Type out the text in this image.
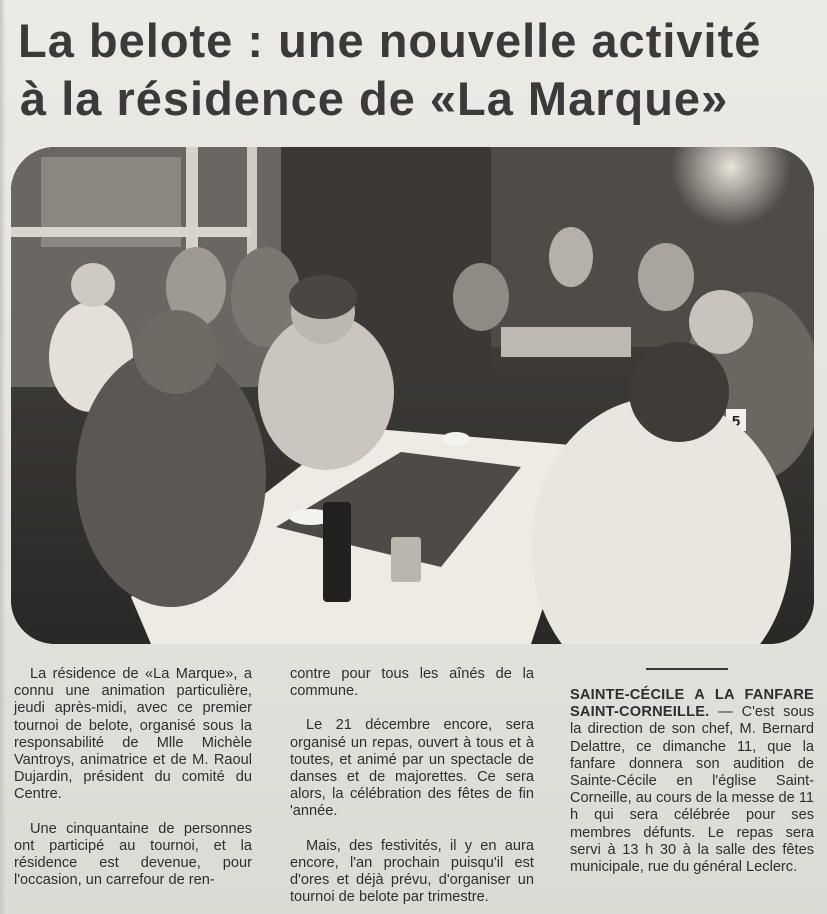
La belote : une nouvelle activité
à la résidence de «La Marque»
5

La résidence de «La Marque», a connu une animation particulière, jeudi après-midi, avec ce premier tournoi de belote, organisé sous la responsabilité de Mlle Michèle Vantroys, animatrice et de M. Raoul Dujardin, président du comité du Centre.

Une cinquantaine de personnes ont participé au tournoi, et la résidence est devenue, pour l'occasion, un carrefour de ren-

contre pour tous les aînés de la commune.

Le 21 décembre encore, sera organisé un repas, ouvert à tous et à toutes, et animé par un spectacle de danses et de majorettes. Ce sera alors, la célébration des fêtes de fin 'année.

Mais, des festivités, il y en aura encore, l'an prochain puisqu'il est d'ores et déjà prévu, d'organiser un tournoi de belote par trimestre.

SAINTE-CÉCILE A LA FANFARE SAINT-CORNEILLE. — C'est sous la direction de son chef, M. Bernard Delattre, ce dimanche 11, que la fanfare donnera son audition de Sainte-Cécile en l'église Saint-Corneille, au cours de la messe de 11 h qui sera célébrée pour ses membres défunts. Le repas sera servi à 13 h 30 à la salle des fêtes municipale, rue du général Leclerc.
